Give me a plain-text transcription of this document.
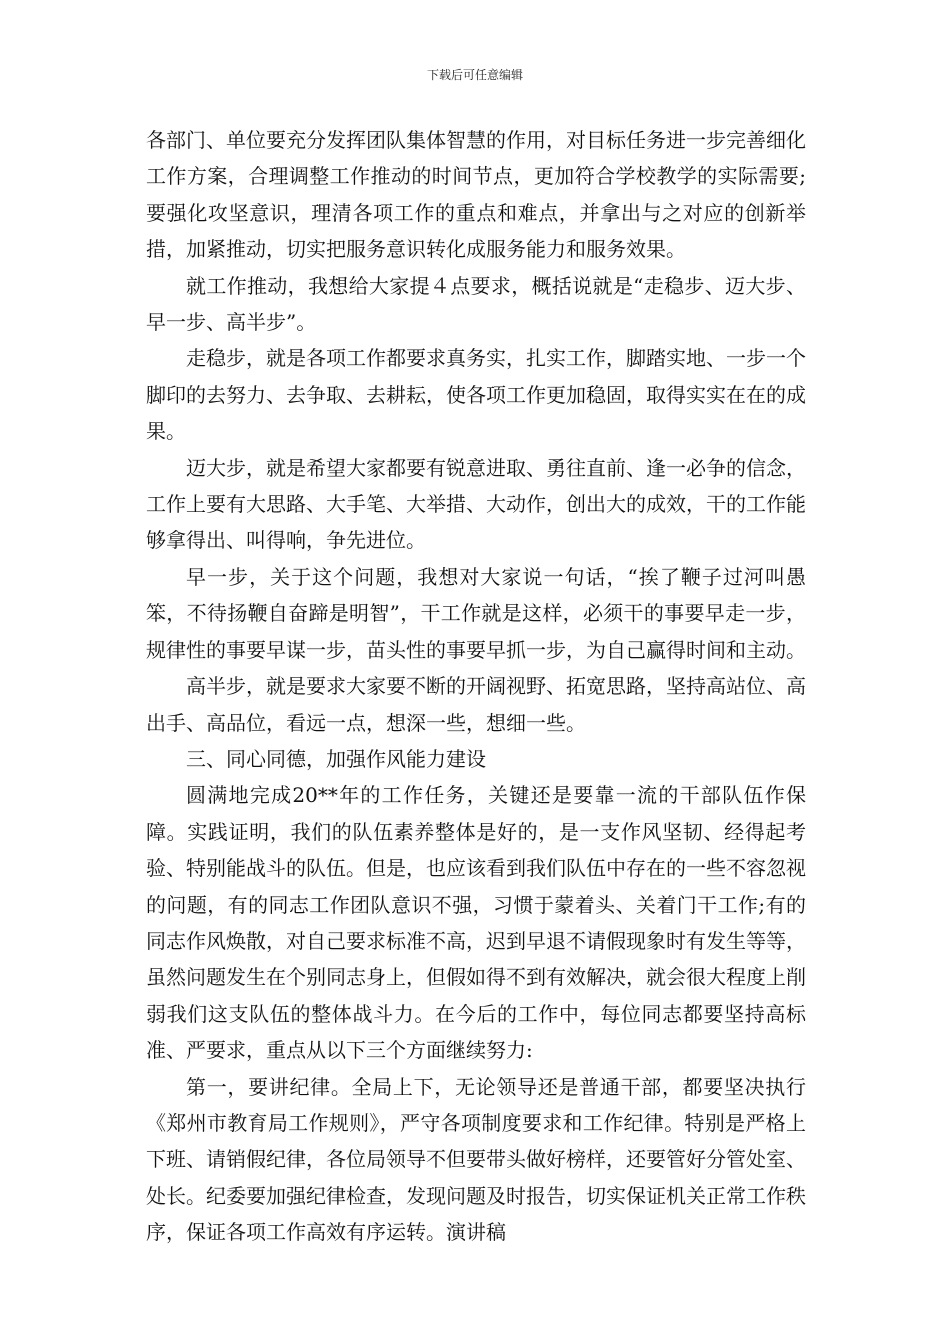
下载后可任意编辑

各部门、单位要充分发挥团队集体智慧的作用，对目标任务进一步完善细化工作方案，合理调整工作推动的时间节点，更加符合学校教学的实际需要;要强化攻坚意识，理清各项工作的重点和难点，并拿出与之对应的创新举措，加紧推动，切实把服务意识转化成服务能力和服务效果。

就工作推动，我想给大家提４点要求，概括说就是“走稳步、迈大步、早一步、高半步”。

走稳步，就是各项工作都要求真务实，扎实工作，脚踏实地、一步一个脚印的去努力、去争取、去耕耘，使各项工作更加稳固，取得实实在在的成果。

迈大步，就是希望大家都要有锐意进取、勇往直前、逢一必争的信念，工作上要有大思路、大手笔、大举措、大动作，创出大的成效，干的工作能够拿得出、叫得响，争先进位。

早一步，关于这个问题，我想对大家说一句话，“挨了鞭子过河叫愚笨，不待扬鞭自奋蹄是明智”，干工作就是这样，必须干的事要早走一步，规律性的事要早谋一步，苗头性的事要早抓一步，为自己赢得时间和主动。

高半步，就是要求大家要不断的开阔视野、拓宽思路，坚持高站位、高出手、高品位，看远一点，想深一些，想细一些。

三、同心同德，加强作风能力建设

圆满地完成20**年的工作任务，关键还是要靠一流的干部队伍作保障。实践证明，我们的队伍素养整体是好的，是一支作风坚韧、经得起考验、特别能战斗的队伍。但是，也应该看到我们队伍中存在的一些不容忽视的问题，有的同志工作团队意识不强，习惯于蒙着头、关着门干工作;有的同志作风焕散，对自己要求标准不高，迟到早退不请假现象时有发生等等，虽然问题发生在个别同志身上，但假如得不到有效解决，就会很大程度上削弱我们这支队伍的整体战斗力。在今后的工作中，每位同志都要坚持高标准、严要求，重点从以下三个方面继续努力:

第一，要讲纪律。全局上下，无论领导还是普通干部，都要坚决执行《郑州市教育局工作规则》，严守各项制度要求和工作纪律。特别是严格上下班、请销假纪律，各位局领导不但要带头做好榜样，还要管好分管处室、处长。纪委要加强纪律检查，发现问题及时报告，切实保证机关正常工作秩序，保证各项工作高效有序运转。演讲稿
